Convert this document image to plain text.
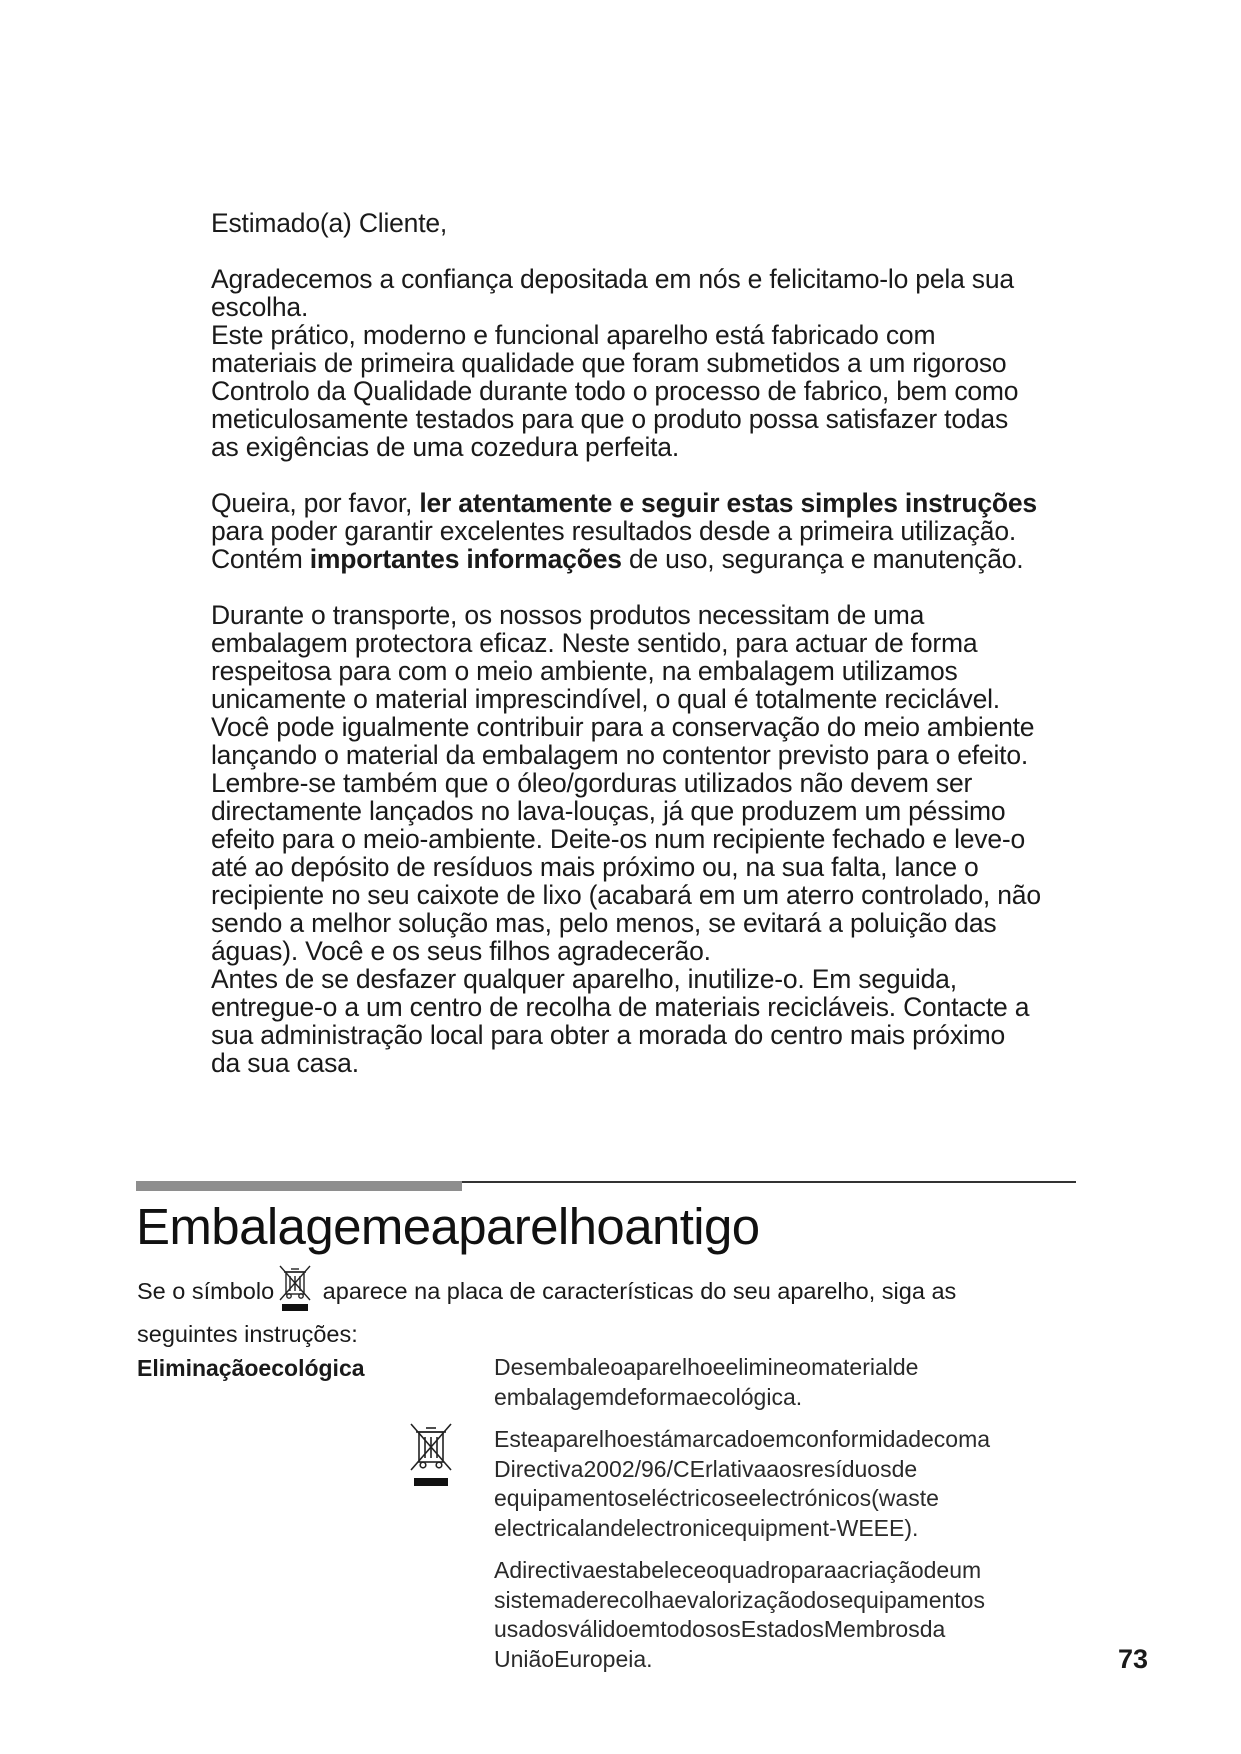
Estimado(a) Cliente,

Agradecemos a confiança depositada em nós e felicitamo-lo pela sua escolha.

Este prático, moderno e funcional aparelho está fabricado com materiais de primeira qualidade que foram submetidos a um rigoroso Controlo da Qualidade durante todo o processo de fabrico, bem como meticulosamente testados para que o produto possa satisfazer todas as exigências de uma cozedura perfeita.

Queira, por favor, ler atentamente e seguir estas simples instruções para poder garantir excelentes resultados desde a primeira utilização. Contém importantes informações de uso, segurança e manutenção.

Durante o transporte, os nossos produtos necessitam de uma embalagem protectora eficaz. Neste sentido, para actuar de forma respeitosa para com o meio ambiente, na embalagem utilizamos unicamente o material imprescindível, o qual é totalmente reciclável. Você pode igualmente contribuir para a conservação do meio ambiente lançando o material da embalagem no contentor previsto para o efeito.

Lembre-se também que o óleo/gorduras utilizados não devem ser directamente lançados no lava-louças, já que produzem um péssimo efeito para o meio-ambiente. Deite-os num recipiente fechado e leve-o até ao depósito de resíduos mais próximo ou, na sua falta, lance o recipiente no seu caixote de lixo (acabará em um aterro controlado, não sendo a melhor solução mas, pelo menos, se evitará a poluição das águas). Você e os seus filhos agradecerão.

Antes de se desfazer qualquer aparelho, inutilize-o. Em seguida, entregue-o a um centro de recolha de materiais recicláveis. Contacte a sua administração local para obter a morada do centro mais próximo da sua casa.

Embalagemeaparelhoantigo

Se o símbolo aparece na placa de características do seu aparelho, siga as

seguintes instruções:

Eliminaçãoecológica	Desembaleoaparelhoeelimineomaterialde
embalagemdeformaecológica.

Esteaparelhoestámarcadoemconformidadecoma
Directiva2002/96/CErlativaaosresíduosde
equipamentoseléctricoseelectrónicos(waste
electricalandelectronicequipment-WEEE).

Adirectivaestabeleceoquadroparaacriaçãodeum
sistemaderecolhaevalorizaçãodosequipamentos
usadosválidoemtodososEstadosMembrosda
UniãoEuropeia.	73
